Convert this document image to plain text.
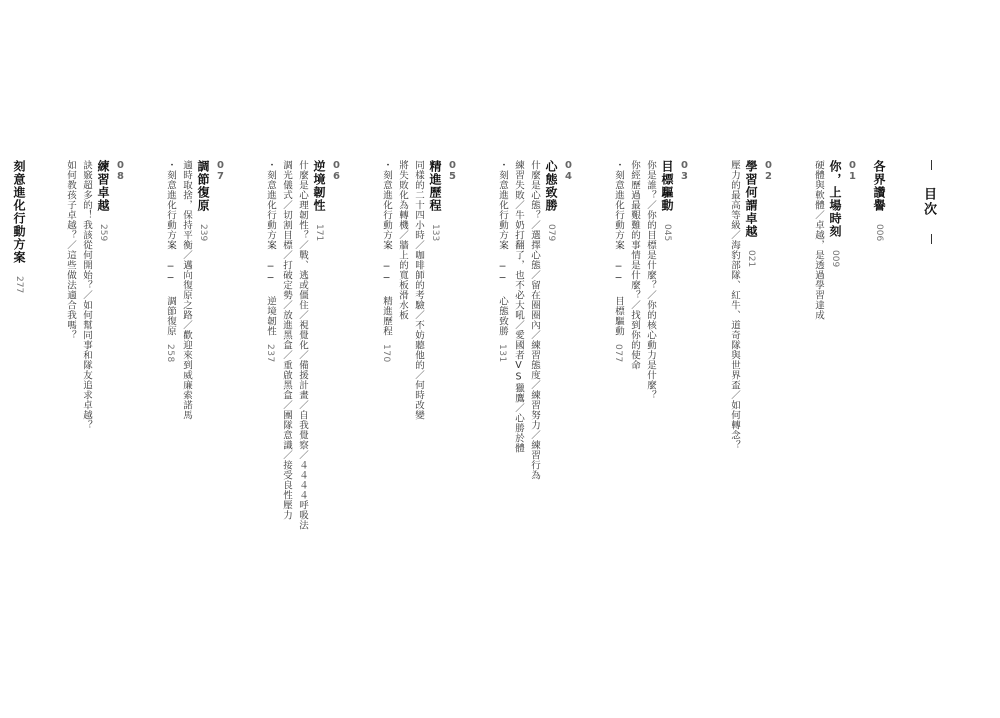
目次
各界讚譽006
01
你，上場時刻009
硬體與軟體／卓越，是透過學習達成
02
學習何謂卓越021
壓力的最高等級／海豹部隊、紅牛、道奇隊與世界盃／如何轉念？
03
目標驅動045
你是誰？／你的目標是什麼？／你的核心動力是什麼？
你經歷過最艱難的事情是什麼？／找到你的使命
・刻意進化行動方案 ── 目標驅動077
04
心態致勝079
什麼是心態？／選擇心態／留在圈圈內／練習態度／練習努力／練習行為
練習失敗／牛奶打翻了，也不必大吼／愛國者VS獵鷹／心勝於體
・刻意進化行動方案 ── 心態致勝131
05
精進歷程133
同樣的二十四小時／咖啡師的考驗／不妨聽他的／何時改變
將失敗化為轉機／牆上的寬板滑水板
・刻意進化行動方案 ── 精進歷程170
06
逆境韌性171
什麼是心理韌性？／戰、逃或僵住／視覺化／備援計畫／自我覺察／４４４４呼吸法
調光儀式／切割目標／打破定勢／放進黑盒／重啟黑盒／團隊意識／接受良性壓力
・刻意進化行動方案 ── 逆境韌性237
07
調節復原239
適時取捨，保持平衡／邁向復原之路／歡迎來到威廉索諾馬
・刻意進化行動方案 ── 調節復原258
08
練習卓越259
訣竅超多的！我該從何開始？／如何幫同事和隊友追求卓越？
如何教孩子卓越？／這些做法適合我嗎？
刻意進化行動方案277
